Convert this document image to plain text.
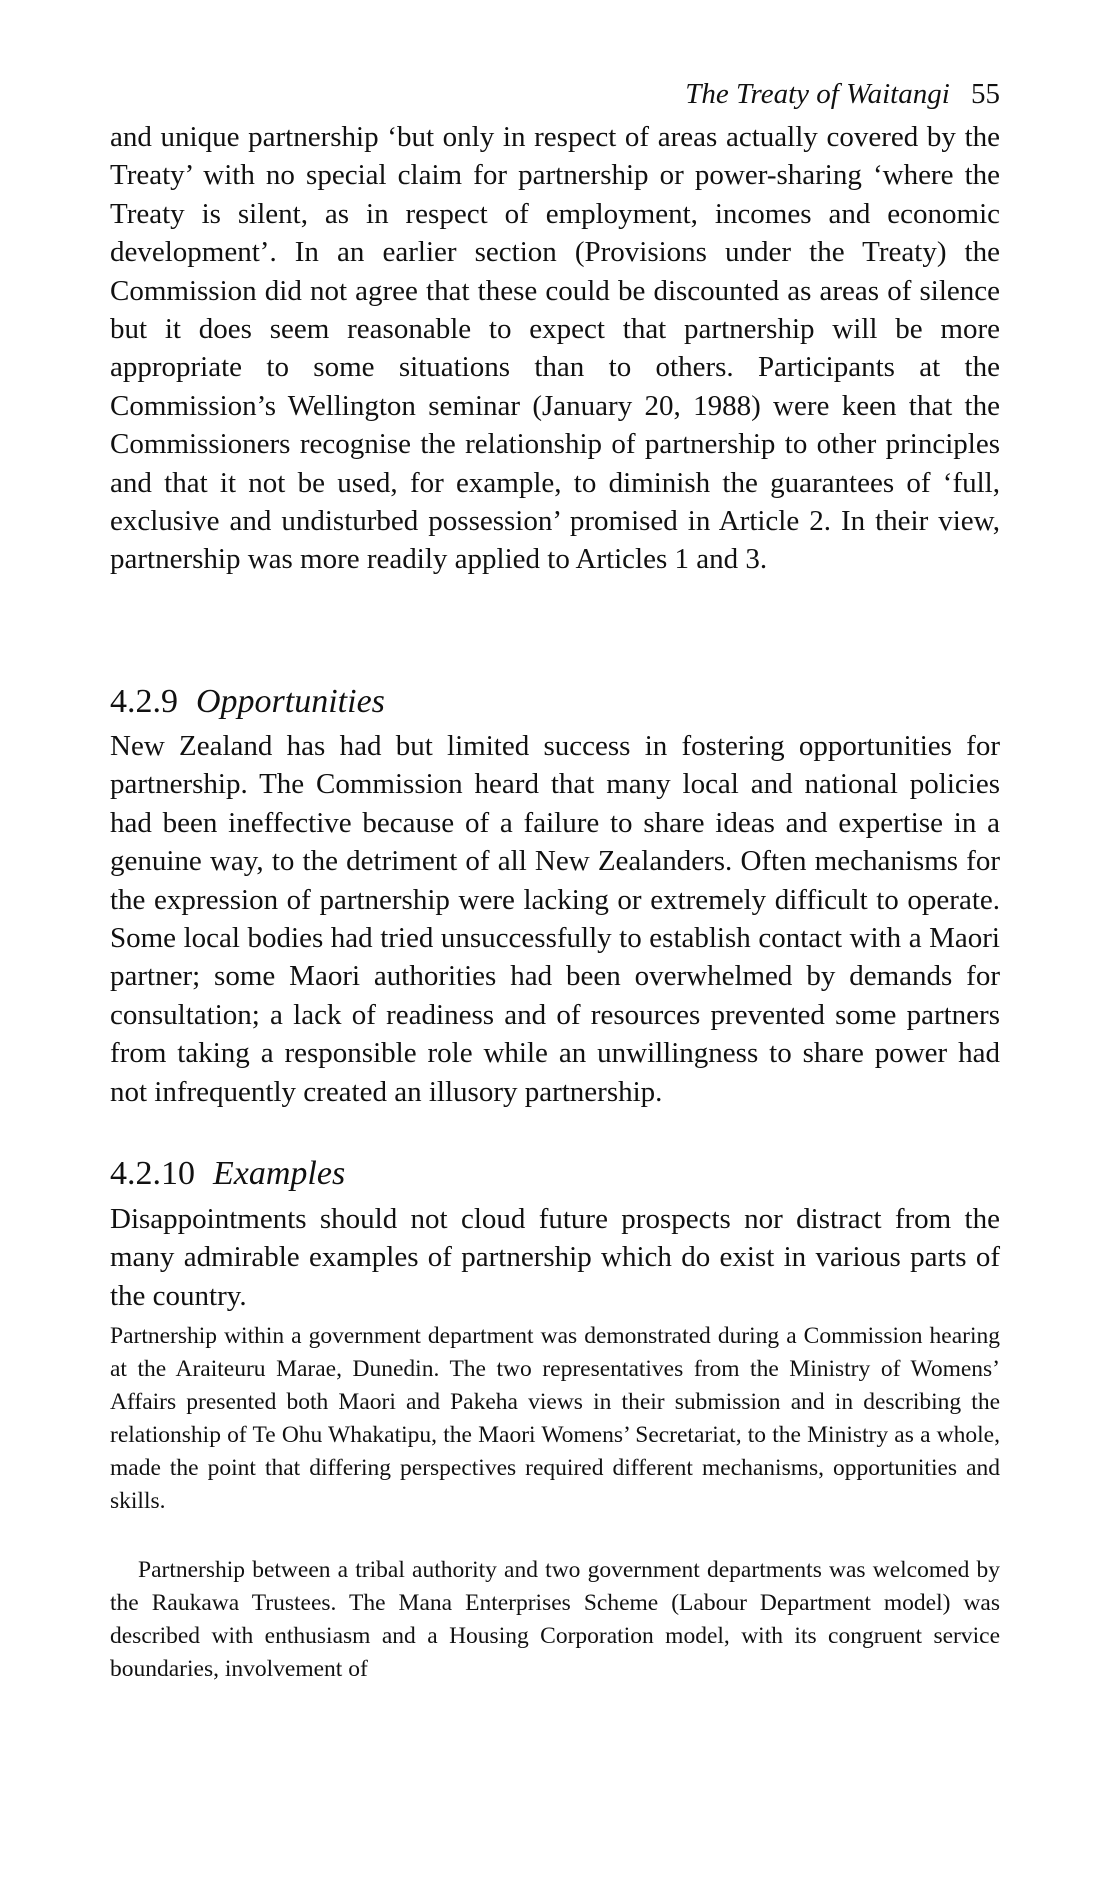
The Treaty of Waitangi 55

and unique partnership ‘but only in respect of areas actually covered by the Treaty’ with no special claim for partnership or power-sharing ‘where the Treaty is silent, as in respect of employment, incomes and economic development’. In an earlier section (Provisions under the Treaty) the Commission did not agree that these could be discounted as areas of silence but it does seem reasonable to expect that partnership will be more appropriate to some situations than to others. Participants at the Commission’s Wellington seminar (January 20, 1988) were keen that the Commissioners recognise the relationship of partnership to other principles and that it not be used, for example, to diminish the guarantees of ‘full, exclusive and undisturbed possession’ promised in Article 2. In their view, partnership was more readily applied to Articles 1 and 3.

4.2.9 Opportunities

New Zealand has had but limited success in fostering opportunities for partnership. The Commission heard that many local and national policies had been ineffective because of a failure to share ideas and expertise in a genuine way, to the detriment of all New Zealanders. Often mechanisms for the expression of partnership were lacking or extremely difficult to operate. Some local bodies had tried unsuccessfully to establish contact with a Maori partner; some Maori authorities had been overwhelmed by demands for consultation; a lack of readiness and of resources prevented some partners from taking a responsible role while an unwillingness to share power had not infrequently created an illusory partnership.

4.2.10 Examples

Disappointments should not cloud future prospects nor distract from the many admirable examples of partnership which do exist in various parts of the country.

Partnership within a government department was demonstrated during a Commission hearing at the Araiteuru Marae, Dunedin. The two representatives from the Ministry of Womens’ Affairs presented both Maori and Pakeha views in their submission and in describing the relationship of Te Ohu Whakatipu, the Maori Womens’ Secretariat, to the Ministry as a whole, made the point that differing perspectives required different mechanisms, opportunities and skills.

Partnership between a tribal authority and two government departments was welcomed by the Raukawa Trustees. The Mana Enterprises Scheme (Labour Department model) was described with enthusiasm and a Housing Corporation model, with its congruent service boundaries, involvement of
